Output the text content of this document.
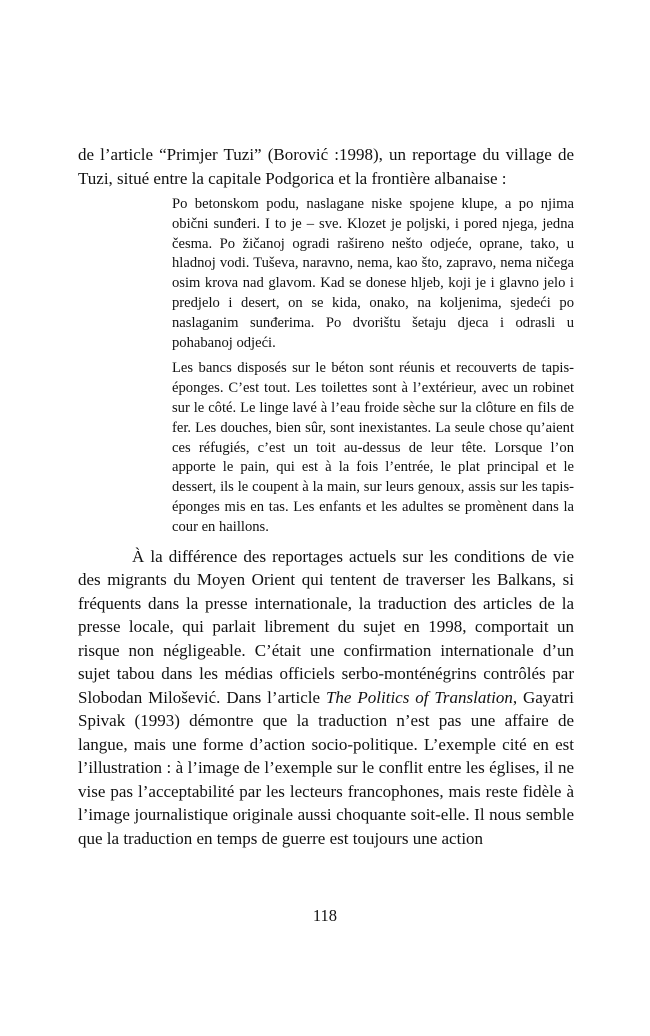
de l’article “Primjer Tuzi” (Borović :1998), un reportage du village de Tuzi, situé entre la capitale Podgorica et la frontière albanaise :

Po betonskom podu, naslagane niske spojene klupe, a po njima obični sunđeri. I to je – sve. Klozet je poljski, i pored njega, jedna česma. Po žičanoj ogradi rašireno nešto odjeće, oprane, tako, u hladnoj vodi. Tuševa, naravno, nema, kao što, zapravo, nema ničega osim krova nad glavom. Kad se donese hljeb, koji je i glavno jelo i predjelo i desert, on se kida, onako, na koljenima, sjedeći po naslaganim sunđerima. Po dvorištu šetaju djeca i odrasli u pohabanoj odjeći.

Les bancs disposés sur le béton sont réunis et recouverts de tapis-éponges. C’est tout. Les toilettes sont à l’extérieur, avec un robinet sur le côté. Le linge lavé à l’eau froide sèche sur la clôture en fils de fer. Les douches, bien sûr, sont inexistantes. La seule chose qu’aient ces réfugiés, c’est un toit au-dessus de leur tête. Lorsque l’on apporte le pain, qui est à la fois l’entrée, le plat principal et le dessert, ils le coupent à la main, sur leurs genoux, assis sur les tapis-éponges mis en tas. Les enfants et les adultes se promènent dans la cour en haillons.

À la différence des reportages actuels sur les conditions de vie des migrants du Moyen Orient qui tentent de traverser les Balkans, si fréquents dans la presse internationale, la traduction des articles de la presse locale, qui parlait librement du sujet en 1998, comportait un risque non négligeable. C’était une confirmation internationale d’un sujet tabou dans les médias officiels serbo-monténégrins contrôlés par Slobodan Milošević. Dans l’article The Politics of Translation, Gayatri Spivak (1993) démontre que la traduction n’est pas une affaire de langue, mais une forme d’action socio-politique. L’exemple cité en est l’illustration : à l’image de l’exemple sur le conflit entre les églises, il ne vise pas l’acceptabilité par les lecteurs francophones, mais reste fidèle à l’image journalistique originale aussi choquante soit-elle. Il nous semble que la traduction en temps de guerre est toujours une action

118
